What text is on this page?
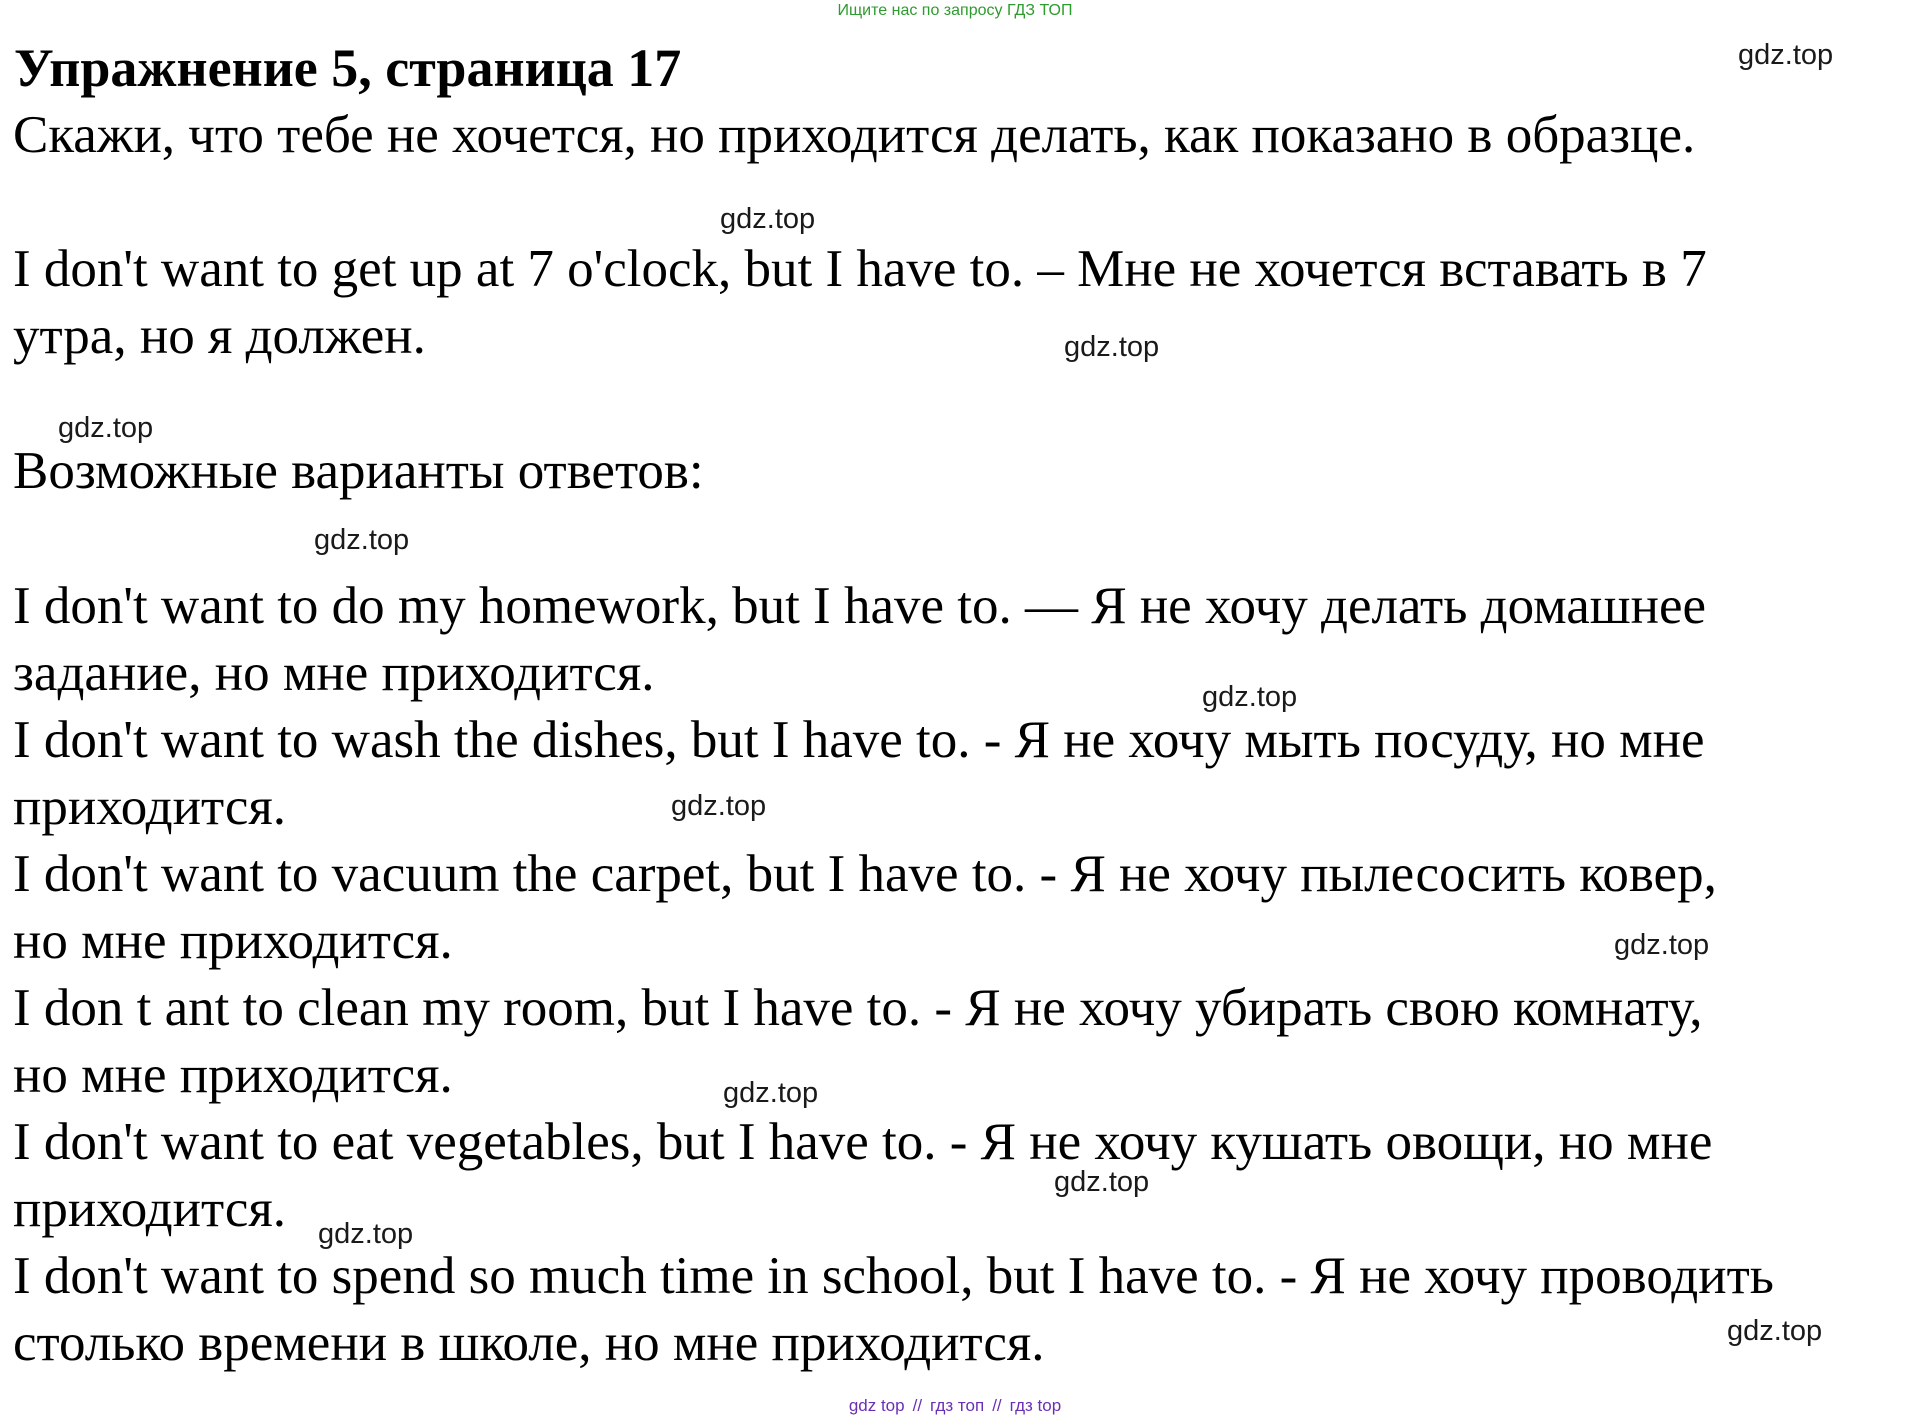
Ищите нас по запросу ГДЗ ТОП
Упражнение 5, страница 17

Скажи, что тебе не хочется, но приходится делать, как показано в образце.

I don't want to get up at 7 o'clock, but I have to. – Мне не хочется вставать в 7

утра, но я должен.

Возможные варианты ответов:

I don't want to do my homework, but I have to. — Я не хочу делать домашнее

задание, но мне приходится.

I don't want to wash the dishes, but I have to. - Я не хочу мыть посуду, но мне

приходится.

I don't want to vacuum the carpet, but I have to. - Я не хочу пылесосить ковер,

но мне приходится.

I don t ant to clean my room, but I have to. - Я не хочу убирать свою комнату,

но мне приходится.

I don't want to eat vegetables, but I have to. - Я не хочу кушать овощи, но мне

приходится.

I don't want to spend so much time in school, but I have to. - Я не хочу проводить

столько времени в школе, но мне приходится.

gdz.top
gdz.top
gdz.top
gdz.top
gdz.top
gdz.top
gdz.top
gdz.top
gdz.top
gdz.top
gdz.top
gdz.top
gdz top // гдз топ // гдз top
